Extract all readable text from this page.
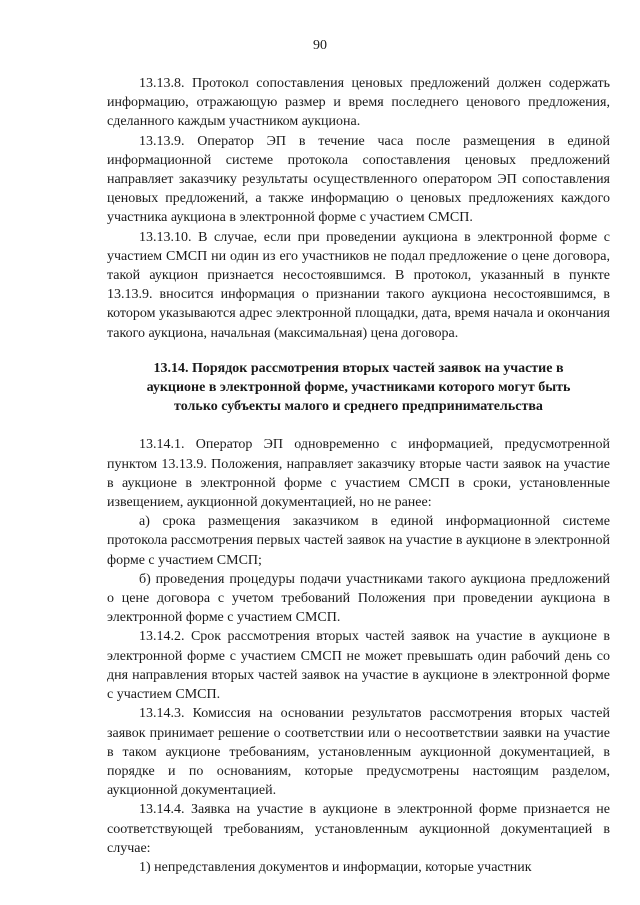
90

13.13.8. Протокол сопоставления ценовых предложений должен содержать информацию, отражающую размер и время последнего ценового предложения, сделанного каждым участником аукциона.

13.13.9. Оператор ЭП в течение часа после размещения в единой информационной системе протокола сопоставления ценовых предложений направляет заказчику результаты осуществленного оператором ЭП сопоставления ценовых предложений, а также информацию о ценовых предложениях каждого участника аукциона в электронной форме с участием СМСП.

13.13.10. В случае, если при проведении аукциона в электронной форме с участием СМСП ни один из его участников не подал предложение о цене договора, такой аукцион признается несостоявшимся. В протокол, указанный в пункте 13.13.9. вносится информация о признании такого аукциона несостоявшимся, в котором указываются адрес электронной площадки, дата, время начала и окончания такого аукциона, начальная (максимальная) цена договора.

13.14. Порядок рассмотрения вторых частей заявок на участие в аукционе в электронной форме, участниками которого могут быть только субъекты малого и среднего предпринимательства

13.14.1. Оператор ЭП одновременно с информацией, предусмотренной пунктом 13.13.9. Положения, направляет заказчику вторые части заявок на участие в аукционе в электронной форме с участием СМСП в сроки, установленные извещением, аукционной документацией, но не ранее:

а) срока размещения заказчиком в единой информационной системе протокола рассмотрения первых частей заявок на участие в аукционе в электронной форме с участием СМСП;

б) проведения процедуры подачи участниками такого аукциона предложений о цене договора с учетом требований Положения при проведении аукциона в электронной форме с участием СМСП.

13.14.2. Срок рассмотрения вторых частей заявок на участие в аукционе в электронной форме с участием СМСП не может превышать один рабочий день со дня направления вторых частей заявок на участие в аукционе в электронной форме с участием СМСП.

13.14.3. Комиссия на основании результатов рассмотрения вторых частей заявок принимает решение о соответствии или о несоответствии заявки на участие в таком аукционе требованиям, установленным аукционной документацией, в порядке и по основаниям, которые предусмотрены настоящим разделом, аукционной документацией.

13.14.4. Заявка на участие в аукционе в электронной форме признается не соответствующей требованиям, установленным аукционной документацией в случае:

1) непредставления документов и информации, которые участник
